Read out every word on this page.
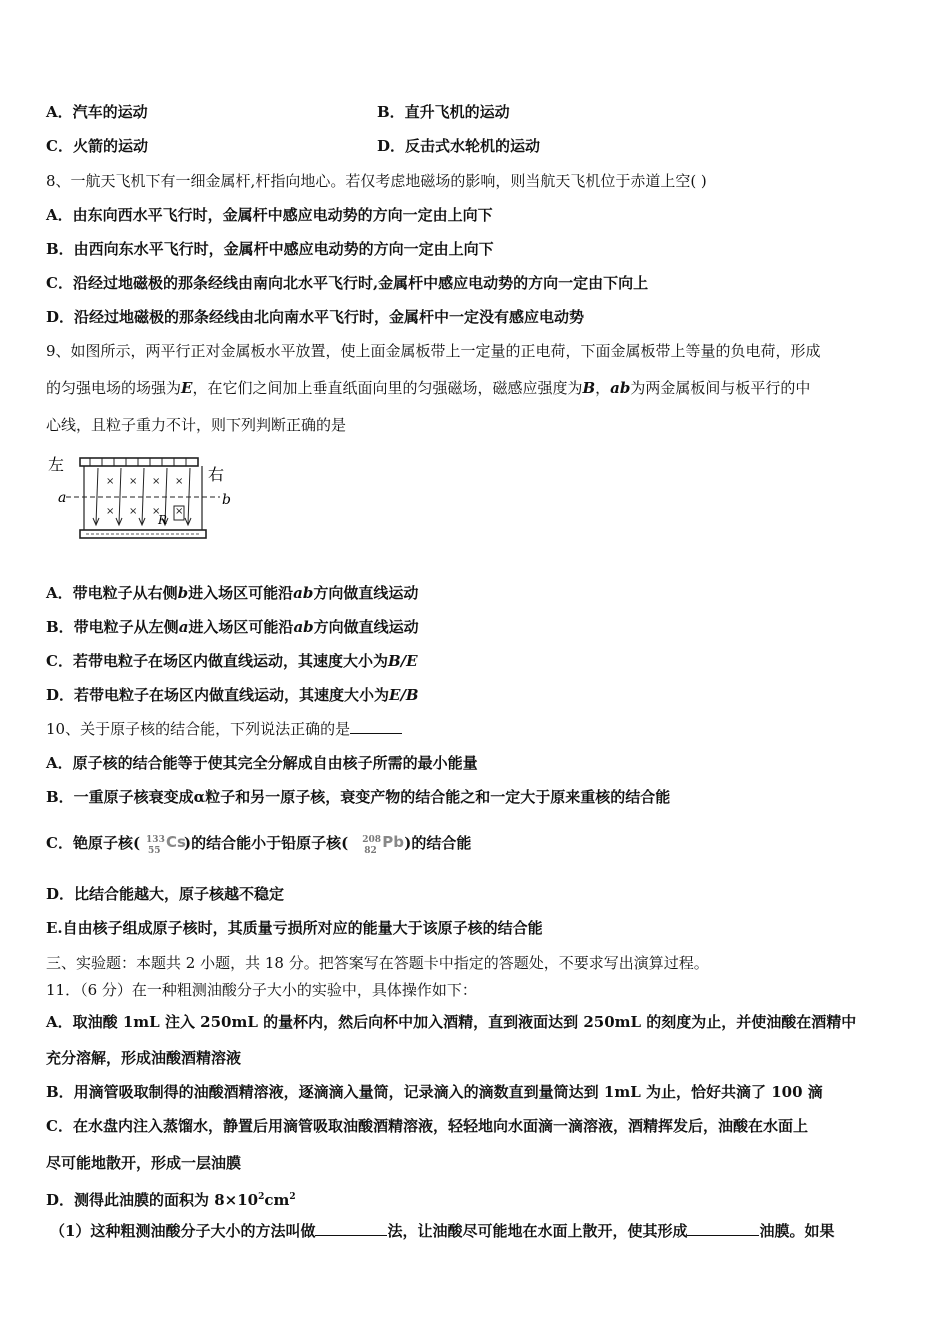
A．汽车的运动	B．直升飞机的运动
C．火箭的运动	D．反击式水轮机的运动
8、一航天飞机下有一细金属杆,杆指向地心。若仅考虑地磁场的影响，则当航天飞机位于赤道上空( )
A．由东向西水平飞行时，金属杆中感应电动势的方向一定由上向下
B．由西向东水平飞行时，金属杆中感应电动势的方向一定由上向下
C．沿经过地磁极的那条经线由南向北水平飞行时,金属杆中感应电动势的方向一定由下向上
D．沿经过地磁极的那条经线由北向南水平飞行时，金属杆中一定没有感应电动势
9、如图所示，两平行正对金属板水平放置，使上面金属板带上一定量的正电荷，下面金属板带上等量的负电荷，形成
的匀强电场的场强为E，在它们之间加上垂直纸面向里的匀强磁场，磁感应强度为B，ab为两金属板间与板平行的中
心线，且粒子重力不计，则下列判断正确的是
× × × ×
× × × ×
左
右
a	b
R
A．带电粒子从右侧b进入场区可能沿ab方向做直线运动
B．带电粒子从左侧a进入场区可能沿ab方向做直线运动
C．若带电粒子在场区内做直线运动，其速度大小为B/E
D．若带电粒子在场区内做直线运动，其速度大小为E/B
10、关于原子核的结合能，下列说法正确的是
A．原子核的结合能等于使其完全分解成自由核子所需的最小能量
B．一重原子核衰变成α粒子和另一原子核，衰变产物的结合能之和一定大于原来重核的结合能
C．铯原子核( 133
55 Cs
)的结合能小于铅原子核( 208
82 Pb )的结合能
D．比结合能越大，原子核越不稳定
E.自由核子组成原子核时，其质量亏损所对应的能量大于该原子核的结合能
三、实验题：本题共 2 小题，共 18 分。把答案写在答题卡中指定的答题处，不要求写出演算过程。
11．（6 分）在一种粗测油酸分子大小的实验中，具体操作如下：
A．取油酸 1mL 注入 250mL 的量杯内，然后向杯中加入酒精，直到液面达到 250mL 的刻度为止，并使油酸在酒精中
充分溶解，形成油酸酒精溶液
B．用滴管吸取制得的油酸酒精溶液，逐滴滴入量筒，记录滴入的滴数直到量筒达到 1mL 为止，恰好共滴了 100 滴
C．在水盘内注入蒸馏水，静置后用滴管吸取油酸酒精溶液，轻轻地向水面滴一滴溶液，酒精挥发后，油酸在水面上
尽可能地散开，形成一层油膜
D．测得此油膜的面积为 $8\times 10^2cm^2$
（1）这种粗测油酸分子大小的方法叫做	法，让油酸尽可能地在水面上散开，使其形成	油膜。如果
